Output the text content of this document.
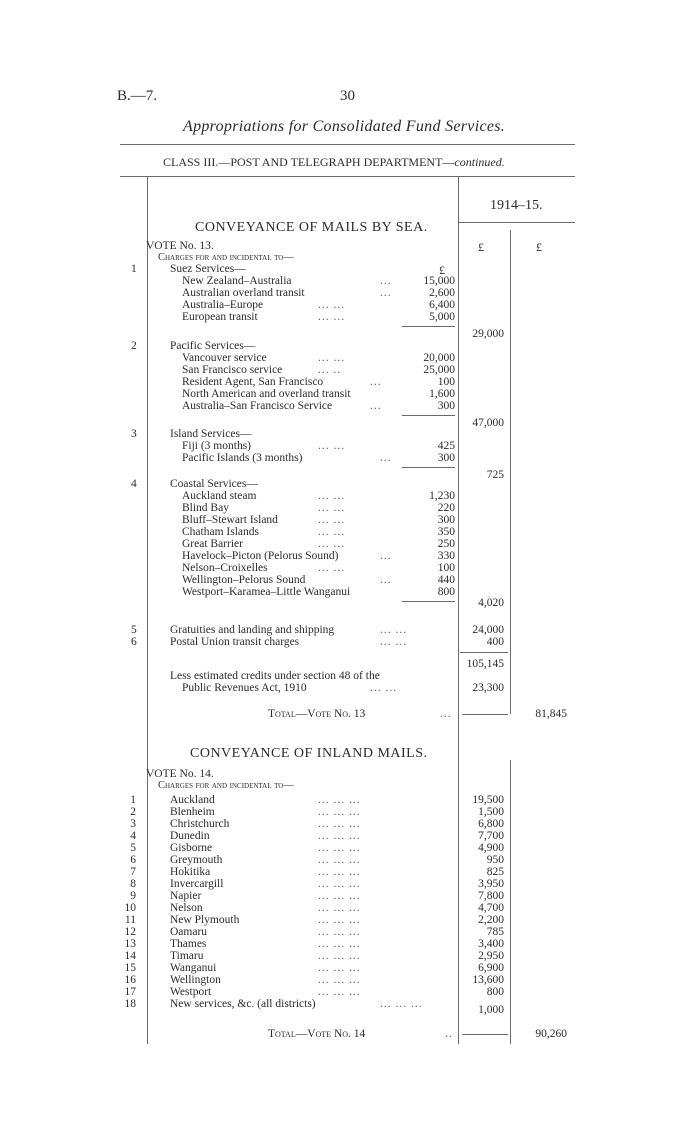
B.—7.	30
Appropriations for Consolidated Fund Services.
CLASS III.—POST AND TELEGRAPH DEPARTMENT—continued.
1914–15.
CONVEYANCE OF MAILS BY SEA.
VOTE No. 13.	£	£
Charges for and incidental to—
£
1	Suez Services—
New Zealand–Australia	...	15,000
Australian overland transit	...	2,600
Australia–Europe	... ...	6,400
European transit	... ...	5,000
29,000
2	Pacific Services—
Vancouver service	... ...	20,000
San Francisco service	... ..	25,000
Resident Agent, San Francisco	...	100
North American and overland transit	1,600
Australia–San Francisco Service	...	300
47,000
3	Island Services—
Fiji (3 months)	... ...	425
Pacific Islands (3 months)	...	300
725
4	Coastal Services—
Auckland steam	... ...	1,230
Blind Bay	... ...	220
Bluff–Stewart Island	... ...	300
Chatham Islands	... ...	350
Great Barrier	... ...	250
Havelock–Picton (Pelorus Sound)	...	330
Nelson–Croixelles	... ...	100
Wellington–Pelorus Sound	...	440
Westport–Karamea–Little Wanganui	800
4,020
5	Gratuities and landing and shipping	... ...	24,000
6	Postal Union transit charges	... ...	400
105,145
Less estimated credits under section 48 of the
Public Revenues Act, 1910	... ...	23,300
Total—Vote No. 13	...	81,845
CONVEYANCE OF INLAND MAILS.
VOTE No. 14.
Charges for and incidental to—
1	Auckland	... ... ...	19,500
2	Blenheim	... ... ...	1,500
3	Christchurch	... ... ...	6,800
4	Dunedin	... ... ...	7,700
5	Gisborne	... ... ...	4,900
6	Greymouth	... ... ...	950
7	Hokitika	... ... ...	825
8	Invercargill	... ... ...	3,950
9	Napier	... ... ...	7,800
10	Nelson	... ... ...	4,700
11	New Plymouth	... ... ...	2,200
12	Oamaru	... ... ...	785
13	Thames	... ... ...	3,400
14	Timaru	... ... ...	2,950
15	Wanganui	... ... ...	6,900
16	Wellington	... ... ...	13,600
17	Westport	... ... ...	800
18	New services, &c. (all districts)	... ... ...	1,000
Total—Vote No. 14	..	90,260
